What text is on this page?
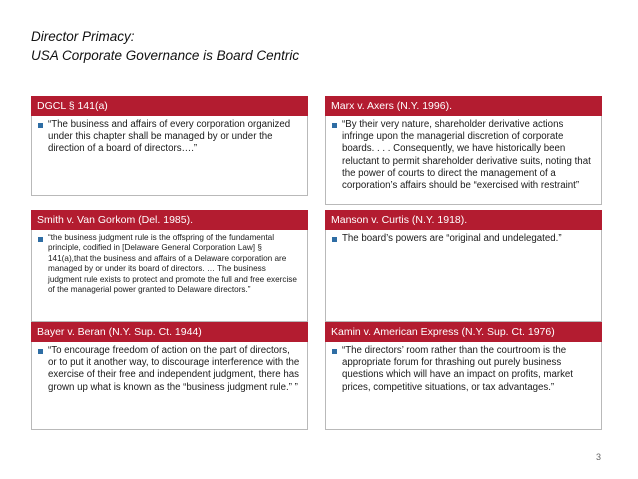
Director Primacy:
USA Corporate Governance is Board Centric
DGCL § 141(a)
“The business and affairs of every corporation organized under this chapter shall be managed by or under the direction of a board of directors….”
Marx v. Axers (N.Y. 1996).
“By their very nature, shareholder derivative actions infringe upon the managerial discretion of corporate boards. . . . Consequently, we have historically been reluctant to permit shareholder derivative suits, noting that the power of courts to direct the management of a corporation’s affairs should be “exercised with restraint”
Smith v. Van Gorkom (Del. 1985).
“the business judgment rule is the offspring of the fundamental principle, codified in [Delaware General Corporation Law] § 141(a),that the business and affairs of a Delaware corporation are managed by or under its board of directors. … The business judgment rule exists to protect and promote the full and free exercise of the managerial power granted to Delaware directors.”
Manson v. Curtis (N.Y. 1918).
The board’s powers are “original and undelegated.”
Bayer v. Beran (N.Y. Sup. Ct. 1944)
“To encourage freedom of action on the part of directors, or to put it another way, to discourage interference with the exercise of their free and independent judgment, there has grown up what is known as the “business judgment rule.” ”
Kamin v. American Express (N.Y. Sup. Ct. 1976)
“The directors’ room rather than the courtroom is the appropriate forum for thrashing out purely business questions which will have an impact on profits, market prices, competitive situations, or tax advantages.”
3
